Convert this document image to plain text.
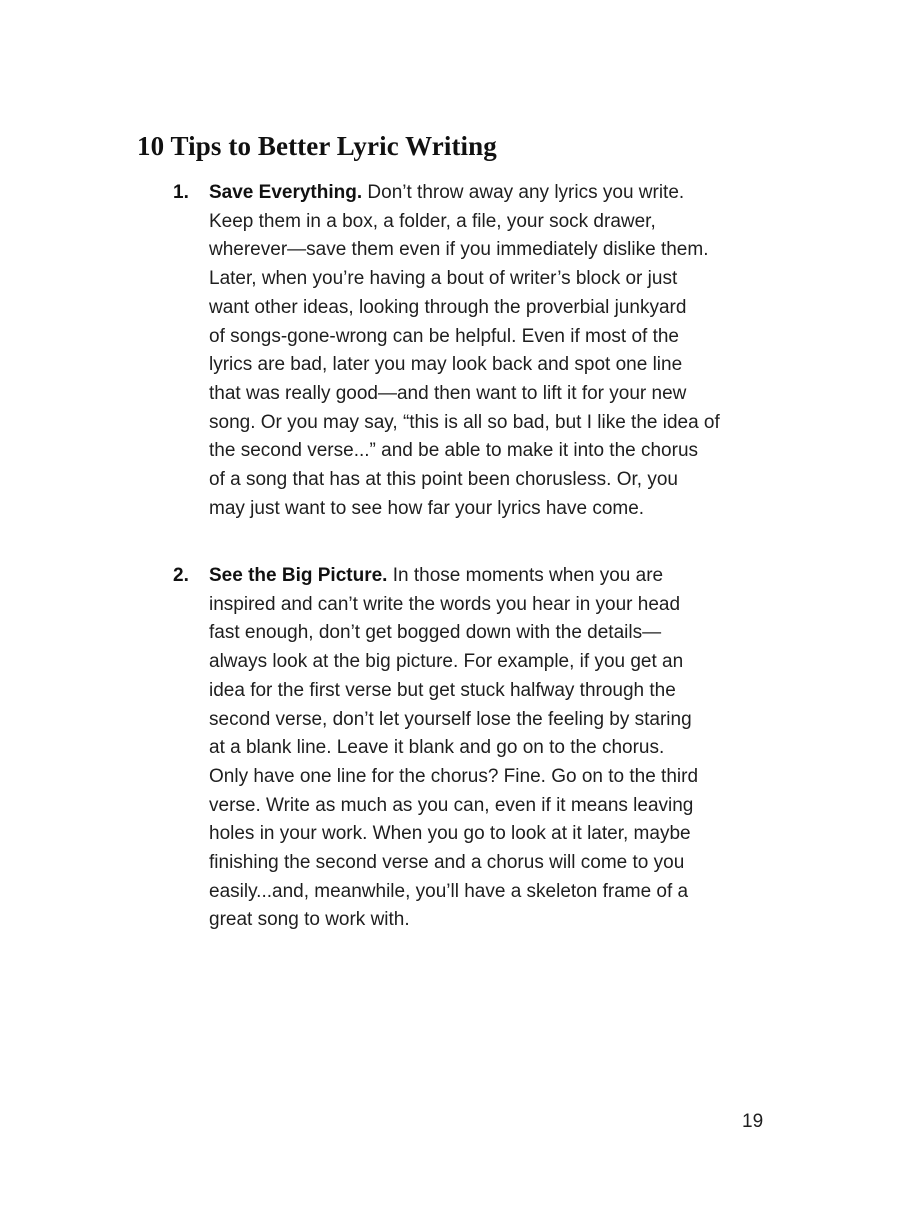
10 Tips to Better Lyric Writing
1. Save Everything. Don’t throw away any lyrics you write.
Keep them in a box, a folder, a file, your sock drawer,
wherever—save them even if you immediately dislike them.
Later, when you’re having a bout of writer’s block or just
want other ideas, looking through the proverbial junkyard
of songs-gone-wrong can be helpful. Even if most of the
lyrics are bad, later you may look back and spot one line
that was really good—and then want to lift it for your new
song. Or you may say, “this is all so bad, but I like the idea of
the second verse...” and be able to make it into the chorus
of a song that has at this point been chorusless. Or, you
may just want to see how far your lyrics have come.
2. See the Big Picture. In those moments when you are
inspired and can’t write the words you hear in your head
fast enough, don’t get bogged down with the details—
always look at the big picture. For example, if you get an
idea for the first verse but get stuck halfway through the
second verse, don’t let yourself lose the feeling by staring
at a blank line. Leave it blank and go on to the chorus.
Only have one line for the chorus? Fine. Go on to the third
verse. Write as much as you can, even if it means leaving
holes in your work. When you go to look at it later, maybe
finishing the second verse and a chorus will come to you
easily...and, meanwhile, you’ll have a skeleton frame of a
great song to work with.
19
